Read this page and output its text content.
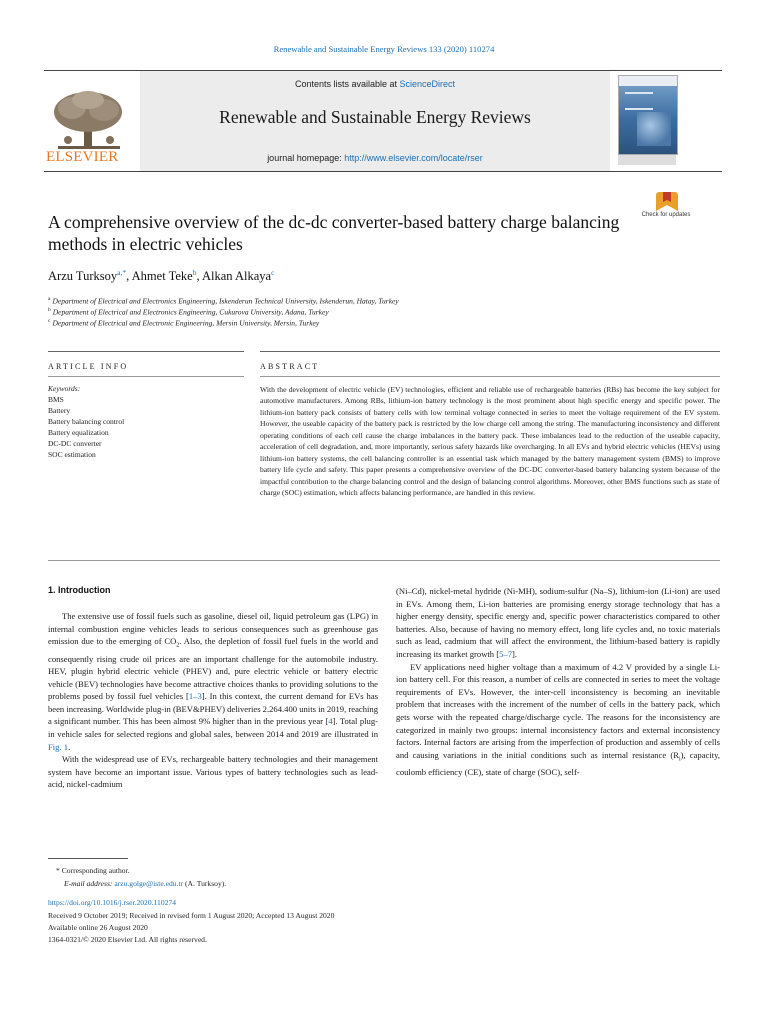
Renewable and Sustainable Energy Reviews 133 (2020) 110274
ELSEVIER
Contents lists available at ScienceDirect
Renewable and Sustainable Energy Reviews
journal homepage: http://www.elsevier.com/locate/rser
Check for updates
A comprehensive overview of the dc-dc converter-based battery charge balancing methods in electric vehicles
Arzu Turksoy$^{a,*}$, Ahmet Teke$^b$, Alkan Alkaya$^c$
$^a$ Department of Electrical and Electronics Engineering, Iskenderun Technical University, Iskenderun, Hatay, Turkey
$^b$ Department of Electrical and Electronics Engineering, Cukurova University, Adana, Turkey
$^c$ Department of Electrical and Electronic Engineering, Mersin University, Mersin, Turkey
ARTICLE INFO	ABSTRACT
Keywords:
BMS
Battery
Battery balancing control
Battery equalization
DC-DC converter
SOC estimation
With the development of electric vehicle (EV) technologies, efficient and reliable use of rechargeable batteries (RBs) has become the key subject for automotive manufacturers. Among RBs, lithium-ion battery technology is the most prominent about high specific energy and specific power. The lithium-ion battery pack consists of battery cells with low terminal voltage connected in series to meet the voltage requirement of the EV system. However, the useable capacity of the battery pack is restricted by the low charge cell among the string. The manufacturing inconsistency and different operating conditions of each cell cause the charge imbalances in the battery pack. These imbalances lead to the reduction of the useable capacity, acceleration of cell degradation, and, more importantly, serious safety hazards like overcharging. In all EVs and hybrid electric vehicles (HEVs) using lithium-ion battery systems, the cell balancing controller is an essential task which managed by the battery management system (BMS) to improve battery life cycle and safety. This paper presents a comprehensive overview of the DC-DC converter-based battery balancing system because of the impactful contribution to the charge balancing control and the design of balancing control algorithms. Moreover, other BMS functions such as state of charge (SOC) estimation, which affects balancing performance, are handled in this review.
1. Introduction

The extensive use of fossil fuels such as gasoline, diesel oil, liquid petroleum gas (LPG) in internal combustion engine vehicles leads to serious consequences such as greenhouse gas emission due to the emerging of $CO_2$. Also, the depletion of fossil fuel fuels in the world and consequently rising crude oil prices are an important challenge for the automobile industry. HEV, plugin hybrid electric vehicle (PHEV) and, pure electric vehicle or battery electric vehicle (BEV) technologies have become attractive choices thanks to providing solutions to the problems posed by fossil fuel vehicles [1–3]. In this context, the current demand for EVs has been increasing. Worldwide plug-in (BEV&PHEV) deliveries 2.264.400 units in 2019, reaching a significant number. This has been almost 9% higher than in the previous year [4]. Total plug-in vehicle sales for selected regions and global sales, between 2014 and 2019 are illustrated in Fig. 1.

With the widespread use of EVs, rechargeable battery technologies and their management system have become an important issue. Various types of battery technologies such as lead-acid, nickel-cadmium

(Ni–Cd), nickel-metal hydride (Ni-MH), sodium-sulfur (Na–S), lithium-ion (Li-ion) are used in EVs. Among them, Li-ion batteries are promising energy storage technology that has a higher energy density, specific energy and, specific power characteristics compared to other batteries. Also, because of having no memory effect, long life cycles and, no toxic materials such as lead, cadmium that will affect the environment, the lithium-based battery is rapidly increasing its market growth [5–7].

EV applications need higher voltage than a maximum of 4.2 V provided by a single Li-ion battery cell. For this reason, a number of cells are connected in series to meet the voltage requirements of EVs. However, the inter-cell inconsistency is becoming an inevitable problem that increases with the increment of the number of cells in the battery pack, which gets worse with the repeated charge/discharge cycle. The reasons for the inconsistency are categorized in mainly two groups: internal inconsistency factors and external inconsistency factors. Internal factors are arising from the imperfection of production and assembly of cells and causing variations in the initial conditions such as internal resistance $(R_i)$, capacity, coulomb efficiency (CE), state of charge (SOC), self-

* Corresponding author.
E-mail address: arzu.golge@iste.edu.tr (A. Turksoy).
https://doi.org/10.1016/j.rser.2020.110274
Received 9 October 2019; Received in revised form 1 August 2020; Accepted 13 August 2020
Available online 26 August 2020
1364-0321/© 2020 Elsevier Ltd. All rights reserved.
